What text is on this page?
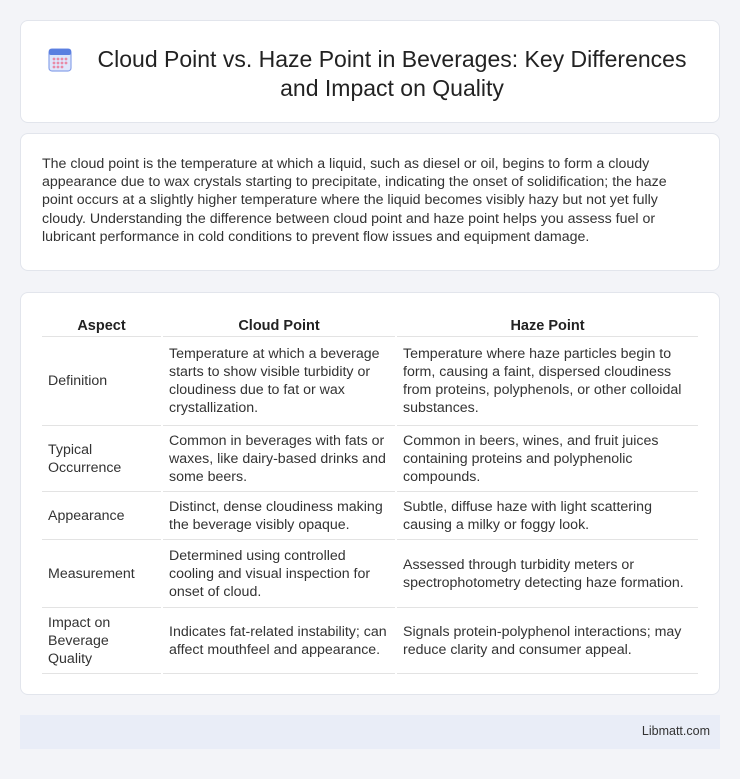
Cloud Point vs. Haze Point in Beverages: Key Differences and Impact on Quality

The cloud point is the temperature at which a liquid, such as diesel or oil, begins to form a cloudy appearance due to wax crystals starting to precipitate, indicating the onset of solidification; the haze point occurs at a slightly higher temperature where the liquid becomes visibly hazy but not yet fully cloudy. Understanding the difference between cloud point and haze point helps you assess fuel or lubricant performance in cold conditions to prevent flow issues and equipment damage.

Aspect	Cloud Point	Haze Point
Definition	Temperature at which a beverage starts to show visible turbidity or cloudiness due to fat or wax crystallization.	Temperature where haze particles begin to form, causing a faint, dispersed cloudiness from proteins, polyphenols, or other colloidal substances.
Typical Occurrence	Common in beverages with fats or waxes, like dairy-based drinks and some beers.	Common in beers, wines, and fruit juices containing proteins and polyphenolic compounds.
Appearance	Distinct, dense cloudiness making the beverage visibly opaque.	Subtle, diffuse haze with light scattering causing a milky or foggy look.
Measurement	Determined using controlled cooling and visual inspection for onset of cloud.	Assessed through turbidity meters or spectrophotometry detecting haze formation.
Impact on Beverage Quality	Indicates fat-related instability; can affect mouthfeel and appearance.	Signals protein-polyphenol interactions; may reduce clarity and consumer appeal.
Libmatt.com
